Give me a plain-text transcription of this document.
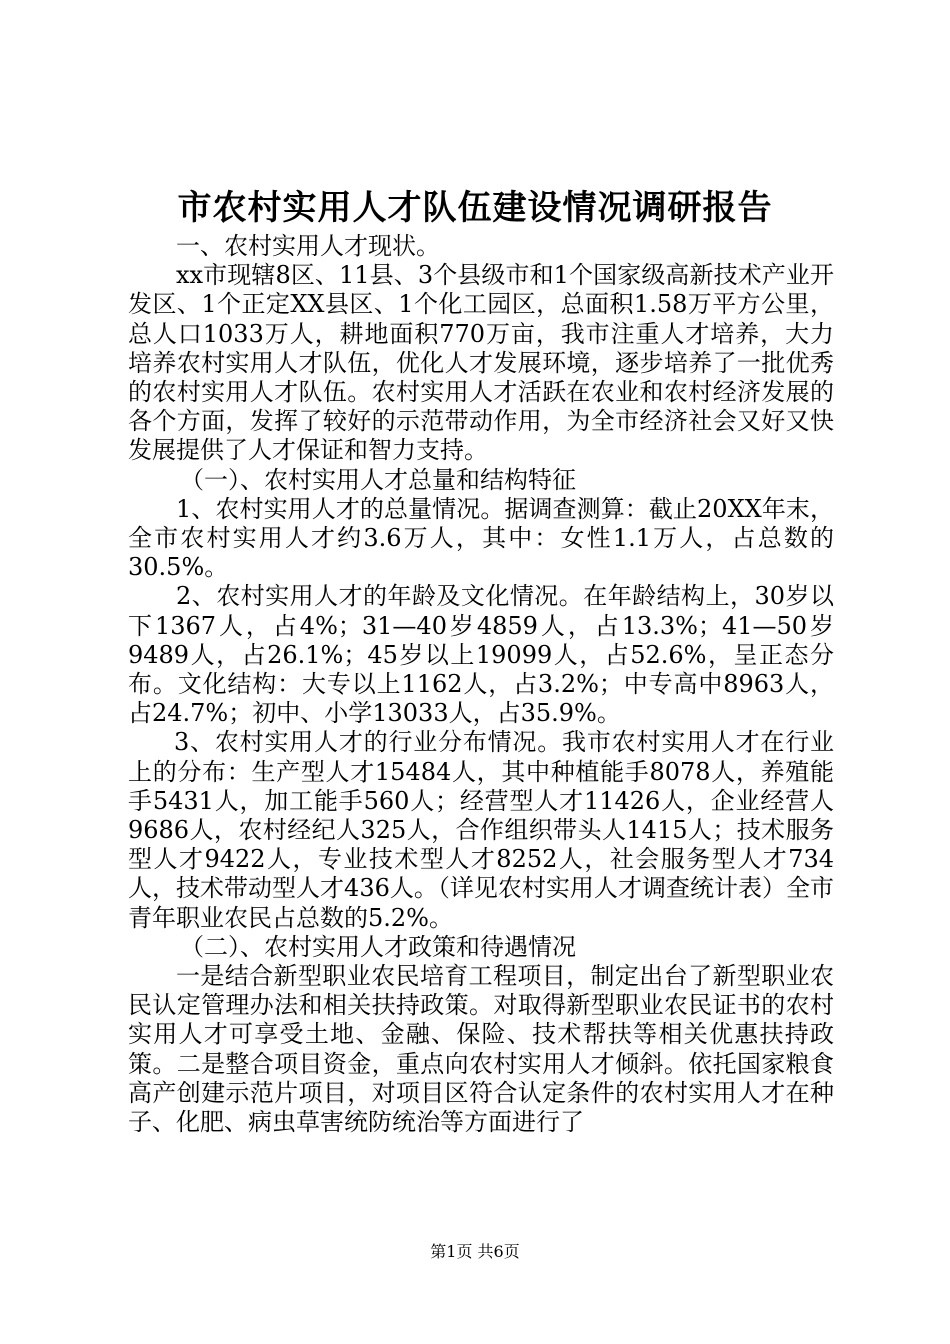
市农村实用人才队伍建设情况调研报告

一、农村实用人才现状。

xx市现辖8区、11县、3个县级市和1个国家级高新技术产业开发区、1个正定XX县区、1个化工园区，总面积1.58万平方公里，总人口1033万人，耕地面积770万亩，我市注重人才培养，大力培养农村实用人才队伍，优化人才发展环境，逐步培养了一批优秀的农村实用人才队伍。农村实用人才活跃在农业和农村经济发展的各个方面，发挥了较好的示范带动作用，为全市经济社会又好又快发展提供了人才保证和智力支持。

（一）、农村实用人才总量和结构特征

1、农村实用人才的总量情况。据调查测算：截止20XX年末，全市农村实用人才约3.6万人，其中：女性1.1万人，占总数的30.5%。

2、农村实用人才的年龄及文化情况。在年龄结构上，30岁以下1367人，占4%；31—40岁4859人，占13.3%；41—50岁9489人，占26.1%；45岁以上19099人，占52.6%，呈正态分布。文化结构：大专以上1162人，占3.2%；中专高中8963人，占24.7%；初中、小学13033人，占35.9%。

3、农村实用人才的行业分布情况。我市农村实用人才在行业上的分布：生产型人才15484人，其中种植能手8078人，养殖能手5431人，加工能手560人；经营型人才11426人，企业经营人9686人，农村经纪人325人，合作组织带头人1415人；技术服务型人才9422人，专业技术型人才8252人，社会服务型人才734人，技术带动型人才436人。（详见农村实用人才调查统计表）全市青年职业农民占总数的5.2%。

（二）、农村实用人才政策和待遇情况

一是结合新型职业农民培育工程项目，制定出台了新型职业农民认定管理办法和相关扶持政策。对取得新型职业农民证书的农村实用人才可享受土地、金融、保险、技术帮扶等相关优惠扶持政策。二是整合项目资金，重点向农村实用人才倾斜。依托国家粮食高产创建示范片项目，对项目区符合认定条件的农村实用人才在种子、化肥、病虫草害统防统治等方面进行了

第1页 共6页
